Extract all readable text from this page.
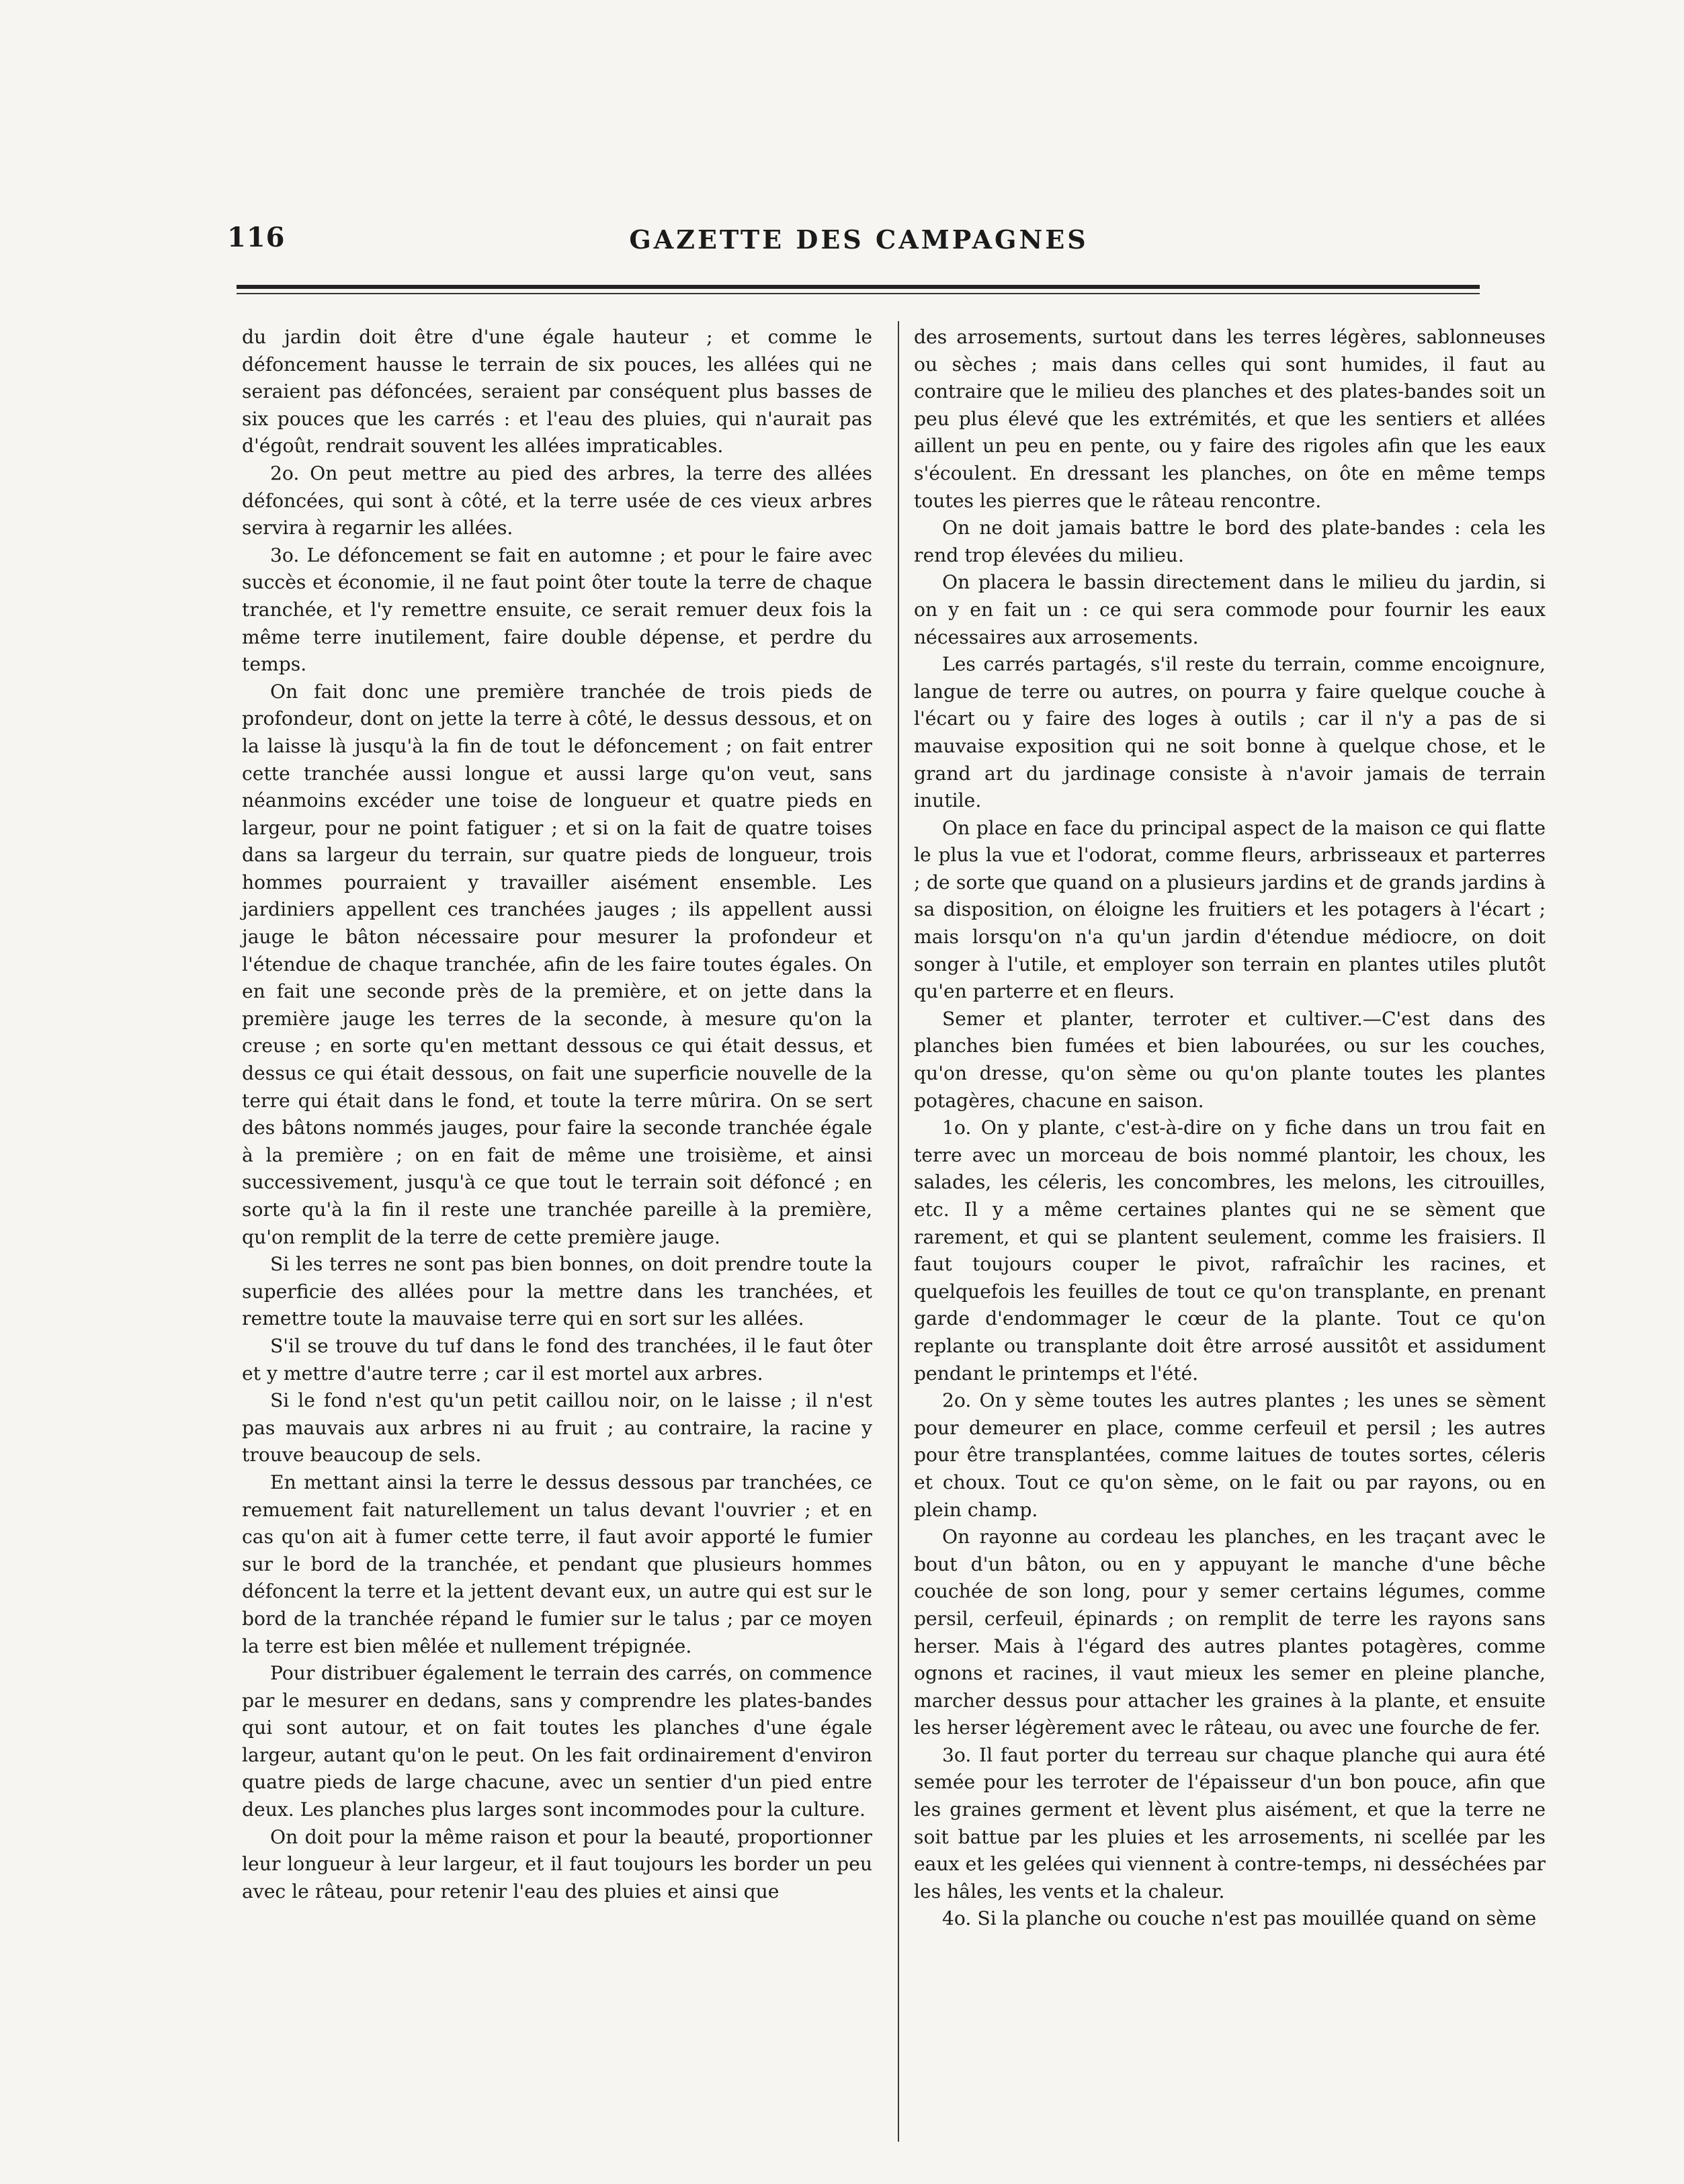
116	GAZETTE DES CAMPAGNES

du jardin doit être d'une égale hauteur ; et comme le défoncement hausse le terrain de six pouces, les allées qui ne seraient pas défoncées, seraient par conséquent plus basses de six pouces que les carrés : et l'eau des pluies, qui n'aurait pas d'égoût, rendrait souvent les allées impraticables.

2o. On peut mettre au pied des arbres, la terre des allées défoncées, qui sont à côté, et la terre usée de ces vieux arbres servira à regarnir les allées.

3o. Le défoncement se fait en automne ; et pour le faire avec succès et économie, il ne faut point ôter toute la terre de chaque tranchée, et l'y remettre ensuite, ce serait remuer deux fois la même terre inutilement, faire double dépense, et perdre du temps.

On fait donc une première tranchée de trois pieds de profondeur, dont on jette la terre à côté, le dessus dessous, et on la laisse là jusqu'à la fin de tout le défoncement ; on fait entrer cette tranchée aussi longue et aussi large qu'on veut, sans néanmoins excéder une toise de longueur et quatre pieds en largeur, pour ne point fatiguer ; et si on la fait de quatre toises dans sa largeur du terrain, sur quatre pieds de longueur, trois hommes pourraient y travailler aisément ensemble. Les jardiniers appellent ces tranchées jauges ; ils appellent aussi jauge le bâton nécessaire pour mesurer la profondeur et l'étendue de chaque tranchée, afin de les faire toutes égales. On en fait une seconde près de la première, et on jette dans la première jauge les terres de la seconde, à mesure qu'on la creuse ; en sorte qu'en mettant dessous ce qui était dessus, et dessus ce qui était dessous, on fait une superficie nouvelle de la terre qui était dans le fond, et toute la terre mûrira. On se sert des bâtons nommés jauges, pour faire la seconde tranchée égale à la première ; on en fait de même une troisième, et ainsi successivement, jusqu'à ce que tout le terrain soit défoncé ; en sorte qu'à la fin il reste une tranchée pareille à la première, qu'on remplit de la terre de cette première jauge.

Si les terres ne sont pas bien bonnes, on doit prendre toute la superficie des allées pour la mettre dans les tranchées, et remettre toute la mauvaise terre qui en sort sur les allées.

S'il se trouve du tuf dans le fond des tranchées, il le faut ôter et y mettre d'autre terre ; car il est mortel aux arbres.

Si le fond n'est qu'un petit caillou noir, on le laisse ; il n'est pas mauvais aux arbres ni au fruit ; au contraire, la racine y trouve beaucoup de sels.

En mettant ainsi la terre le dessus dessous par tranchées, ce remuement fait naturellement un talus devant l'ouvrier ; et en cas qu'on ait à fumer cette terre, il faut avoir apporté le fumier sur le bord de la tranchée, et pendant que plusieurs hommes défoncent la terre et la jettent devant eux, un autre qui est sur le bord de la tranchée répand le fumier sur le talus ; par ce moyen la terre est bien mêlée et nullement trépignée.

Pour distribuer également le terrain des carrés, on commence par le mesurer en dedans, sans y comprendre les plates-bandes qui sont autour, et on fait toutes les planches d'une égale largeur, autant qu'on le peut. On les fait ordinairement d'environ quatre pieds de large chacune, avec un sentier d'un pied entre deux. Les planches plus larges sont incommodes pour la culture.

On doit pour la même raison et pour la beauté, proportionner leur longueur à leur largeur, et il faut toujours les border un peu avec le râteau, pour retenir l'eau des pluies et ainsi que

des arrosements, surtout dans les terres légères, sablonneuses ou sèches ; mais dans celles qui sont humides, il faut au contraire que le milieu des planches et des plates-bandes soit un peu plus élevé que les extrémités, et que les sentiers et allées aillent un peu en pente, ou y faire des rigoles afin que les eaux s'écoulent. En dressant les planches, on ôte en même temps toutes les pierres que le râteau rencontre.

On ne doit jamais battre le bord des plate-bandes : cela les rend trop élevées du milieu.

On placera le bassin directement dans le milieu du jardin, si on y en fait un : ce qui sera commode pour fournir les eaux nécessaires aux arrosements.

Les carrés partagés, s'il reste du terrain, comme encoignure, langue de terre ou autres, on pourra y faire quelque couche à l'écart ou y faire des loges à outils ; car il n'y a pas de si mauvaise exposition qui ne soit bonne à quelque chose, et le grand art du jardinage consiste à n'avoir jamais de terrain inutile.

On place en face du principal aspect de la maison ce qui flatte le plus la vue et l'odorat, comme fleurs, arbrisseaux et parterres ; de sorte que quand on a plusieurs jardins et de grands jardins à sa disposition, on éloigne les fruitiers et les potagers à l'écart ; mais lorsqu'on n'a qu'un jardin d'étendue médiocre, on doit songer à l'utile, et employer son terrain en plantes utiles plutôt qu'en parterre et en fleurs.

Semer et planter, terroter et cultiver.—C'est dans des planches bien fumées et bien labourées, ou sur les couches, qu'on dresse, qu'on sème ou qu'on plante toutes les plantes potagères, chacune en saison.

1o. On y plante, c'est-à-dire on y fiche dans un trou fait en terre avec un morceau de bois nommé plantoir, les choux, les salades, les céleris, les concombres, les melons, les citrouilles, etc. Il y a même certaines plantes qui ne se sèment que rarement, et qui se plantent seulement, comme les fraisiers. Il faut toujours couper le pivot, rafraîchir les racines, et quelquefois les feuilles de tout ce qu'on transplante, en prenant garde d'endommager le cœur de la plante. Tout ce qu'on replante ou transplante doit être arrosé aussitôt et assidument pendant le printemps et l'été.

2o. On y sème toutes les autres plantes ; les unes se sèment pour demeurer en place, comme cerfeuil et persil ; les autres pour être transplantées, comme laitues de toutes sortes, céleris et choux. Tout ce qu'on sème, on le fait ou par rayons, ou en plein champ.

On rayonne au cordeau les planches, en les traçant avec le bout d'un bâton, ou en y appuyant le manche d'une bêche couchée de son long, pour y semer certains légumes, comme persil, cerfeuil, épinards ; on remplit de terre les rayons sans herser. Mais à l'égard des autres plantes potagères, comme ognons et racines, il vaut mieux les semer en pleine planche, marcher dessus pour attacher les graines à la plante, et ensuite les herser légèrement avec le râteau, ou avec une fourche de fer.

3o. Il faut porter du terreau sur chaque planche qui aura été semée pour les terroter de l'épaisseur d'un bon pouce, afin que les graines germent et lèvent plus aisément, et que la terre ne soit battue par les pluies et les arrosements, ni scellée par les eaux et les gelées qui viennent à contre-temps, ni desséchées par les hâles, les vents et la chaleur.

4o. Si la planche ou couche n'est pas mouillée quand on sème
